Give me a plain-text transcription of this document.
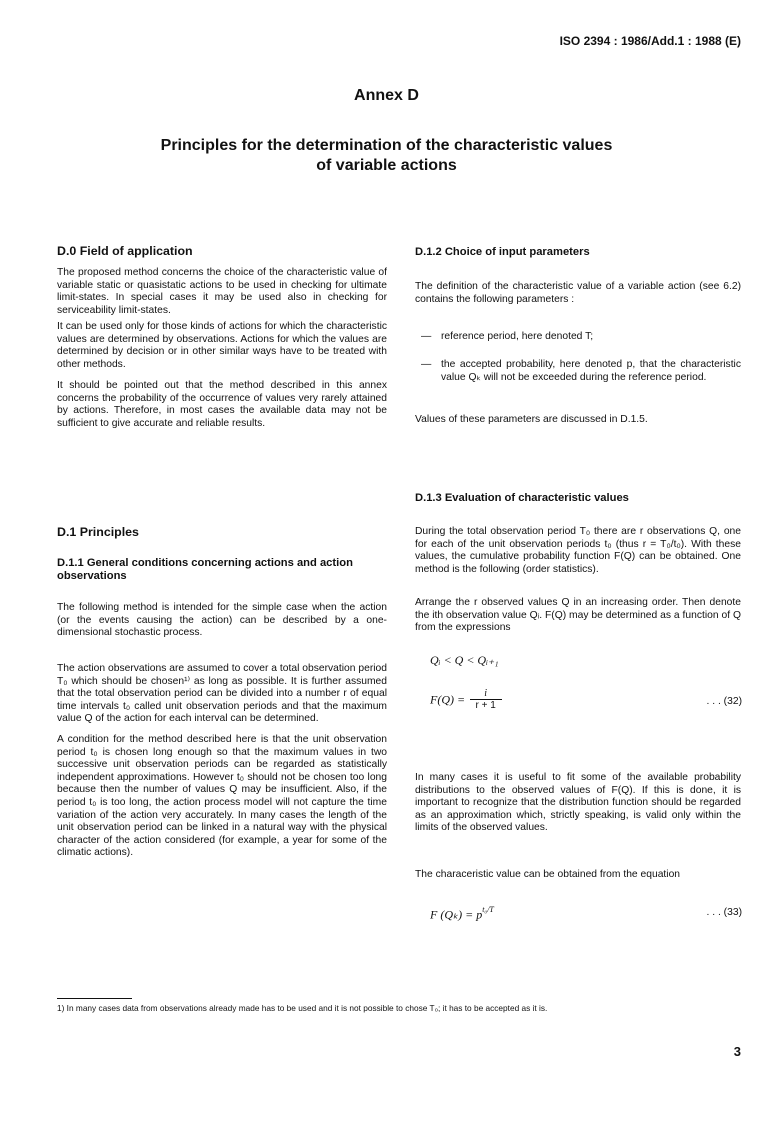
ISO 2394 : 1986/Add.1 : 1988 (E)
Annex D
Principles for the determination of the characteristic values
of variable actions
D.0 Field of application
The proposed method concerns the choice of the characteristic value of variable static or quasistatic actions to be used in checking for ultimate limit-states. In special cases it may be used also in checking for serviceability limit-states.
It can be used only for those kinds of actions for which the characteristic values are determined by observations. Actions for which the values are determined by decision or in other similar ways have to be treated with other methods.
It should be pointed out that the method described in this annex concerns the probability of the occurrence of values very rarely attained by actions. Therefore, in most cases the available data may not be sufficient to give accurate and reliable results.
D.1 Principles
D.1.1 General conditions concerning actions and action observations
The following method is intended for the simple case when the action (or the events causing the action) can be described by a one-dimensional stochastic process.
The action observations are assumed to cover a total observation period T₀ which should be chosen¹⁾ as long as possible. It is further assumed that the total observation period can be divided into a number r of equal time intervals t₀ called unit observation periods and that the maximum value Q of the action for each interval can be determined.
A condition for the method described here is that the unit observation period t₀ is chosen long enough so that the maximum values in two successive unit observation periods can be regarded as statistically independent approximations. However t₀ should not be chosen too long because then the number of values Q may be insufficient. Also, if the period t₀ is too long, the action process model will not capture the time variation of the action very accurately. In many cases the length of the unit observation period can be linked in a natural way with the physical character of the action considered (for example, a year for some of the climatic actions).
D.1.2 Choice of input parameters
The definition of the characteristic value of a variable action (see 6.2) contains the following parameters :
— reference period, here denoted T;
— the accepted probability, here denoted p, that the characteristic value Qₖ will not be exceeded during the reference period.
Values of these parameters are discussed in D.1.5.
D.1.3 Evaluation of characteristic values
During the total observation period T₀ there are r observations Q, one for each of the unit observation periods t₀ (thus r = T₀/t₀). With these values, the cumulative probability function F(Q) can be obtained. One method is the following (order statistics).
Arrange the r observed values Q in an increasing order. Then denote the ith observation value Qᵢ. F(Q) may be determined as a function of Q from the expressions
Qᵢ < Q < Qᵢ₊₁
$F(Q) = \frac{i}{r + 1}$	. . . (32)
In many cases it is useful to fit some of the available probability distributions to the observed values of F(Q). If this is done, it is important to recognize that the distribution function should be regarded as an approximation which, strictly speaking, is valid only within the limits of the observed values.
The characeristic value can be obtained from the equation
F $(Q_k) = p^{t_0/T}$	. . . (33)
1) In many cases data from observations already made has to be used and it is not possible to chose T₀; it has to be accepted as it is.
3
